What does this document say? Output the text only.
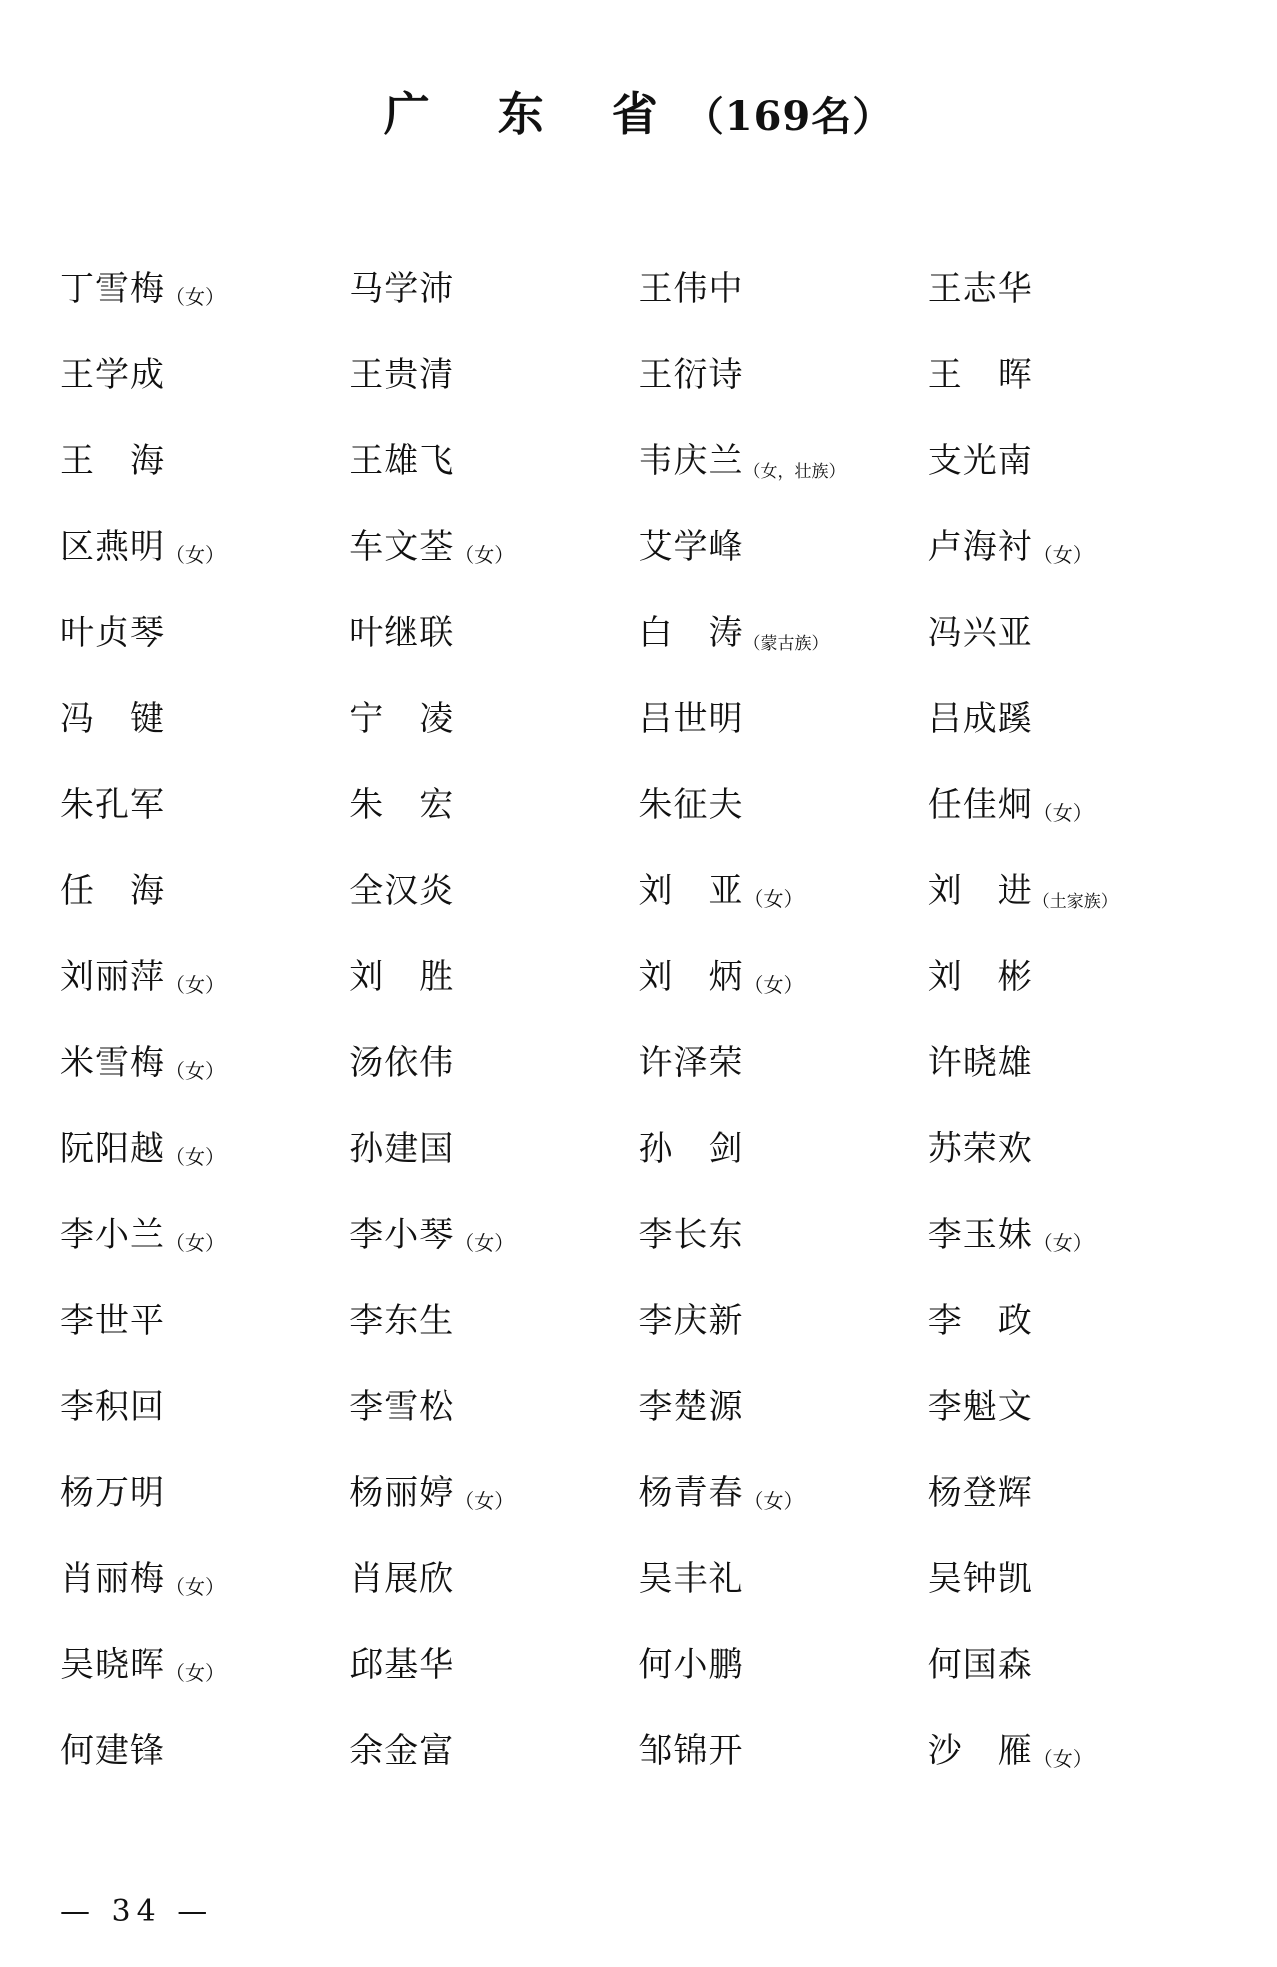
广 东 省（169名）
丁雪梅（女）	马学沛	王伟中	王志华
王学成	王贵清	王衍诗	王　晖
王　海	王雄飞	韦庆兰（女，壮族）	支光南
区燕明（女）	车文荃（女）	艾学峰	卢海衬（女）
叶贞琴	叶继联	白　涛（蒙古族）	冯兴亚
冯　键	宁　凌	吕世明	吕成蹊
朱孔军	朱　宏	朱征夫	任佳炯（女）
任　海	全汉炎	刘　亚（女）	刘　进（土家族）
刘丽萍（女）	刘　胜	刘　炳（女）	刘　彬
米雪梅（女）	汤依伟	许泽荣	许晓雄
阮阳越（女）	孙建国	孙　剑	苏荣欢
李小兰（女）	李小琴（女）	李长东	李玉妹（女）
李世平	李东生	李庆新	李　政
李积回	李雪松	李楚源	李魁文
杨万明	杨丽婷（女）	杨青春（女）	杨登辉
肖丽梅（女）	肖展欣	吴丰礼	吴钟凯
吴晓晖（女）	邱基华	何小鹏	何国森
何建锋	余金富	邹锦开	沙　雁（女）
— 34 —
